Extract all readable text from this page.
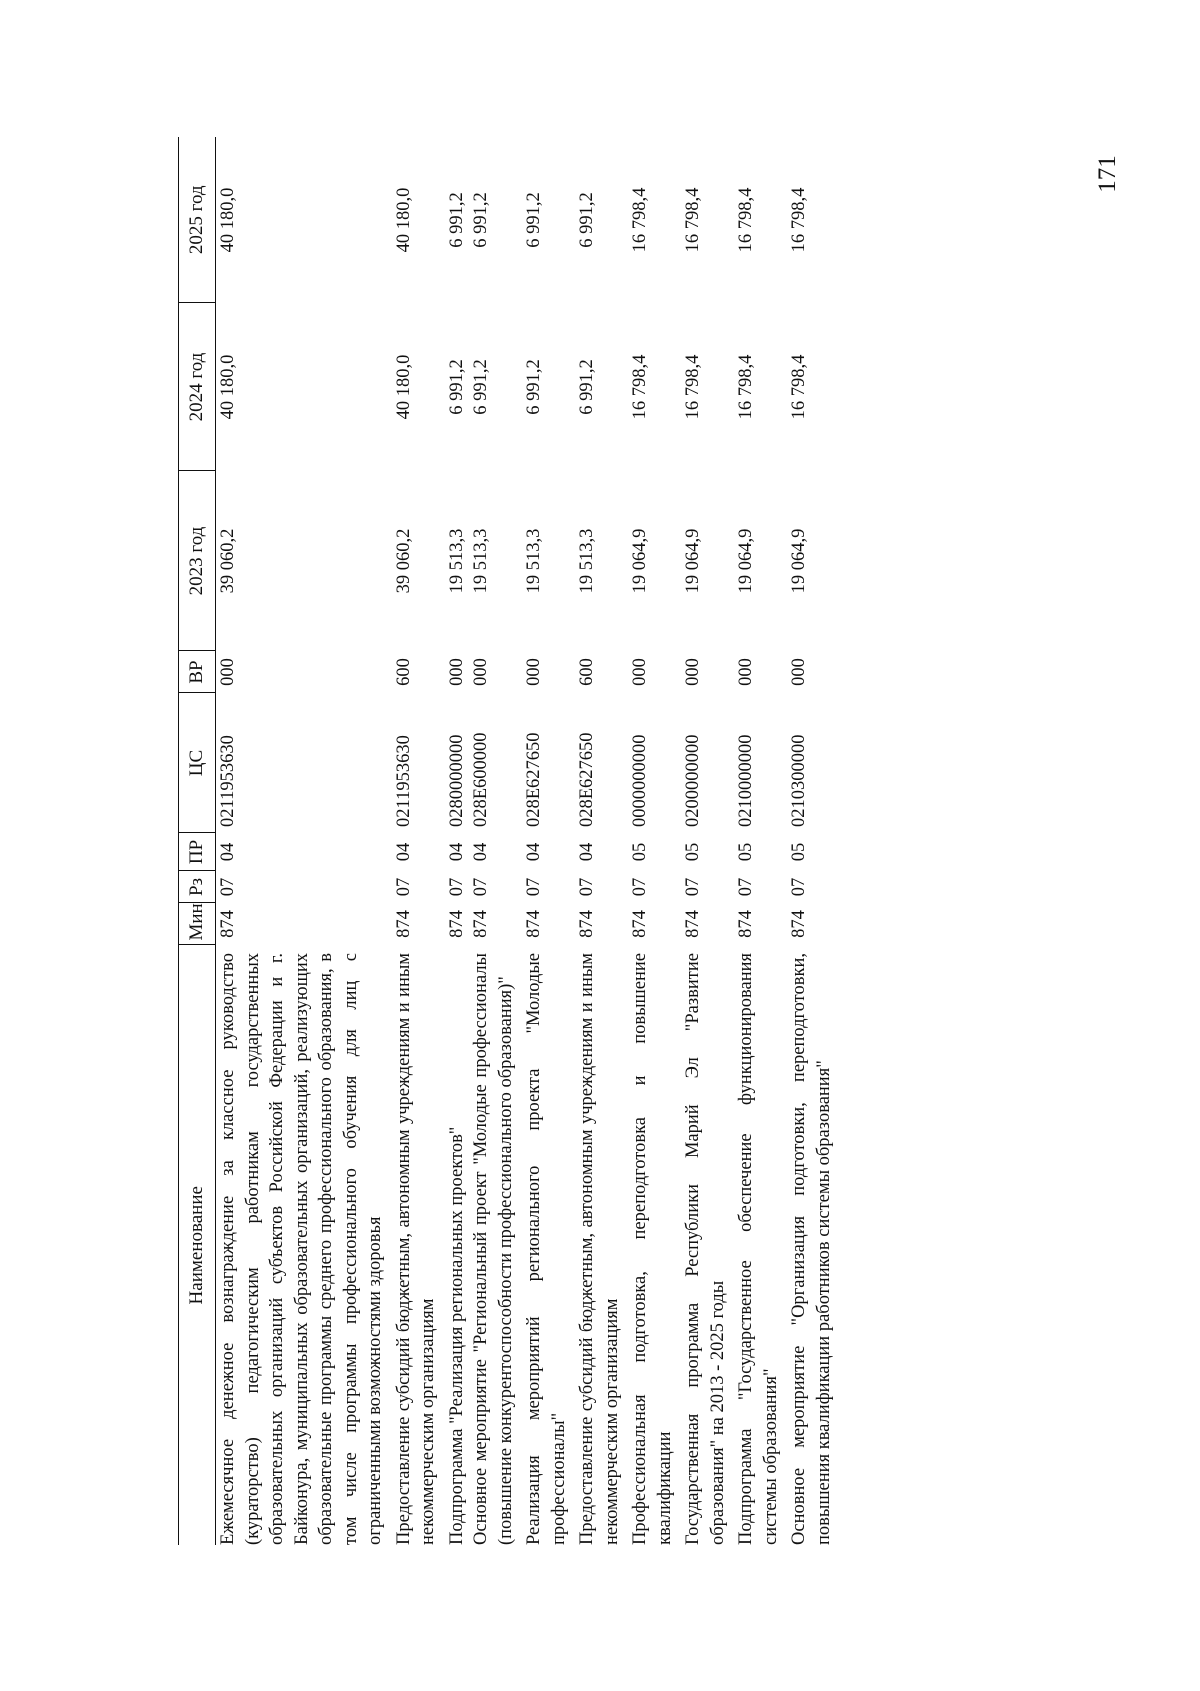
171
Наименование	Мин	Рз	ПР	ЦС	ВР	2023 год	2024 год	2025 год
Ежемесячное денежное вознаграждение за классное руководство (кураторство) педагогическим работникам государственных образовательных организаций субъектов Российской Федерации и г. Байконура, муниципальных образовательных организаций, реализующих образовательные программы среднего профессионального образования, в том числе программы профессионального обучения для лиц с ограниченными возможностями здоровья	874	07	04	0211953630	000	39 060,2	40 180,0	40 180,0
Предоставление субсидий бюджетным, автономным учреждениям и иным некоммерческим организациям	874	07	04	0211953630	600	39 060,2	40 180,0	40 180,0
Подпрограмма "Реализация региональных проектов"	874	07	04	0280000000	000	19 513,3	6 991,2	6 991,2
Основное мероприятие "Региональный проект "Молодые профессионалы (повышение конкурентоспособности профессионального образования)"	874	07	04	028E600000	000	19 513,3	6 991,2	6 991,2
Реализация мероприятий регионального проекта "Молодые профессионалы"	874	07	04	028E627650	000	19 513,3	6 991,2	6 991,2
Предоставление субсидий бюджетным, автономным учреждениям и иным некоммерческим организациям	874	07	04	028E627650	600	19 513,3	6 991,2	6 991,2
Профессиональная подготовка, переподготовка и повышение квалификации	874	07	05	0000000000	000	19 064,9	16 798,4	16 798,4
Государственная программа Республики Марий Эл "Развитие образования" на 2013 - 2025 годы	874	07	05	0200000000	000	19 064,9	16 798,4	16 798,4
Подпрограмма "Государственное обеспечение функционирования системы образования"	874	07	05	0210000000	000	19 064,9	16 798,4	16 798,4
Основное мероприятие "Организация подготовки, переподготовки, повышения квалификации работников системы образования"	874	07	05	0210300000	000	19 064,9	16 798,4	16 798,4
